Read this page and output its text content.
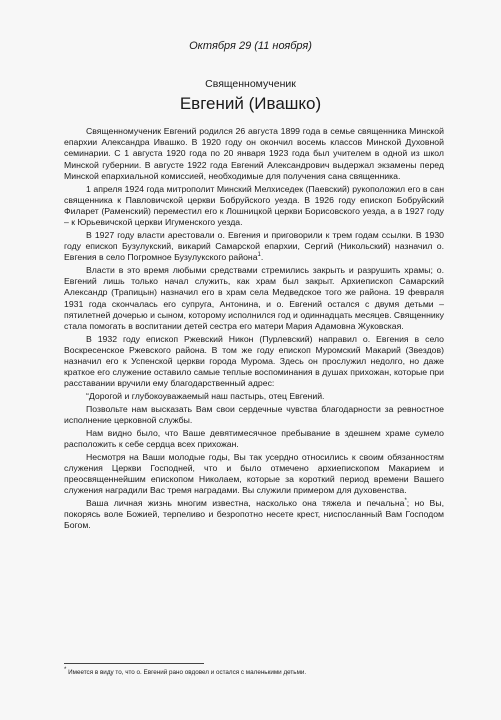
Октября 29 (11 ноября)
Священномученик
Евгений (Ивашко)

Священномученик Евгений родился 26 августа 1899 года в семье священника Минской епархии Александра Ивашко. В 1920 году он окончил восемь классов Минской Духовной семинарии. С 1 августа 1920 года по 20 января 1923 года был учителем в одной из школ Минской губернии. В августе 1922 года Евгений Александрович выдержал экзамены перед Минской епархиальной комиссией, необходимые для получения сана священника.

1 апреля 1924 года митрополит Минский Мелхиседек (Паевский) рукоположил его в сан священника к Павловичской церкви Бобруйского уезда. В 1926 году епископ Бобруйский Филарет (Раменский) переместил его к Лошницкой церкви Борисовского уезда, а в 1927 году – к Юрьевичской церкви Игуменского уезда.

В 1927 году власти арестовали о. Евгения и приговорили к трем годам ссылки. В 1930 году епископ Бузулукский, викарий Самарской епархии, Сергий (Никольский) назначил о. Евгения в село Погромное Бузулукского района$^1$.

Власти в это время любыми средствами стремились закрыть и разрушить храмы; о. Евгений лишь только начал служить, как храм был закрыт. Архиепископ Самарский Александр (Трапицын) назначил его в храм села Медведское того же района. 19 февраля 1931 года скончалась его супруга, Антонина, и о. Евгений остался с двумя детьми – пятилетней дочерью и сыном, которому исполнился год и одиннадцать месяцев. Священнику стала помогать в воспитании детей сестра его матери Мария Адамовна Жуковская.

В 1932 году епископ Ржевский Никон (Пурлевский) направил о. Евгения в село Воскресенское Ржевского района. В том же году епископ Муромский Макарий (Звездов) назначил его к Успенской церкви города Мурома. Здесь он прослужил недолго, но даже краткое его служение оставило самые теплые воспоминания в душах прихожан, которые при расставании вручили ему благодарственный адрес:

“Дорогой и глубокоуважаемый наш пастырь, отец Евгений.

Позвольте нам высказать Вам свои сердечные чувства благодарности за ревностное исполнение церковной службы.

Нам видно было, что Ваше девятимесячное пребывание в здешнем храме сумело расположить к себе сердца всех прихожан.

Несмотря на Ваши молодые годы, Вы так усердно относились к своим обязанностям служения Церкви Господней, что и было отмечено архиепископом Макарием и преосвященнейшим епископом Николаем, которые за короткий период времени Вашего служения наградили Вас тремя наградами. Вы служили примером для духовенства.

Ваша личная жизнь многим известна, насколько она тяжела и печальна*; но Вы, покорясь воле Божией, терпеливо и безропотно несете крест, ниспосланный Вам Господом Богом.

* Имеется в виду то, что о. Евгений рано овдовел и остался с маленькими детьми.
